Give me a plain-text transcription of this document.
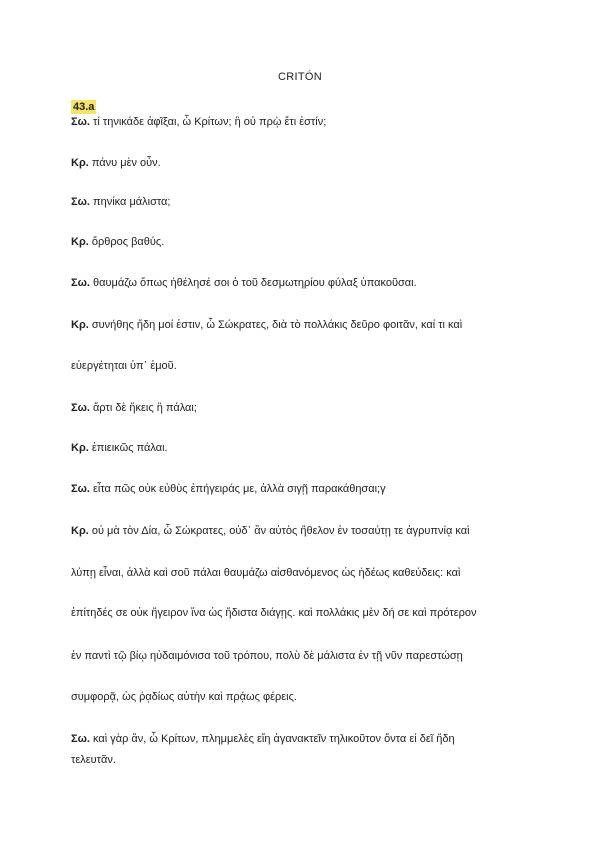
CRITÓN
43.a
Σω. τί τηνικάδε ἀφῖξαι, ὦ Κρίτων; ἢ οὐ πρῲ ἔτι ἐστίν;
Κρ. πάνυ μὲν οὖν.
Σω. πηνίκα μάλιστα;
Κρ. ὄρθρος βαθύς.
Σω. θαυμάζω ὅπως ἠθέλησέ σοι ὁ τοῦ δεσμωτηρίου φύλαξ ὑπακοῦσαι.
Κρ. συνήθης ἤδη μοί ἐστιν, ὦ Σώκρατες, διὰ τὸ πολλάκις δεῦρο φοιτᾶν, καί τι καὶ
εὐεργέτηται ὑπ᾽ ἐμοῦ.
Σω. ἄρτι δὲ ἥκεις ἢ πάλαι;
Κρ. ἐπιεικῶς πάλαι.
Σω. εἶτα πῶς οὐκ εὐθὺς ἐπήγειράς με, ἀλλὰ σιγῇ παρακάθησαι;γ
Κρ. οὐ μὰ τὸν Δία, ὦ Σώκρατες, οὐδ᾽ ἂν αὐτὸς ἤθελον ἐν τοσαύτῃ τε ἀγρυπνίᾳ καὶ
λύπῃ εἶναι, ἀλλὰ καὶ σοῦ πάλαι θαυμάζω αἰσθανόμενος ὡς ἡδέως καθεύδεις: καὶ
ἐπίτηδές σε οὐκ ἤγειρον ἵνα ὡς ἥδιστα διάγῃς. καὶ πολλάκις μὲν δή σε καὶ πρότερον
ἐν παντὶ τῷ βίῳ ηὐδαιμόνισα τοῦ τρόπου, πολὺ δὲ μάλιστα ἐν τῇ νῦν παρεστώσῃ
συμφορᾷ, ὡς ῥᾳδίως αὐτὴν καὶ πρᾴως φέρεις.
Σω. καὶ γὰρ ἄν, ὦ Κρίτων, πλημμελὲς εἴη ἀγανακτεῖν τηλικοῦτον ὄντα εἰ δεῖ ἤδη
τελευτᾶν.
